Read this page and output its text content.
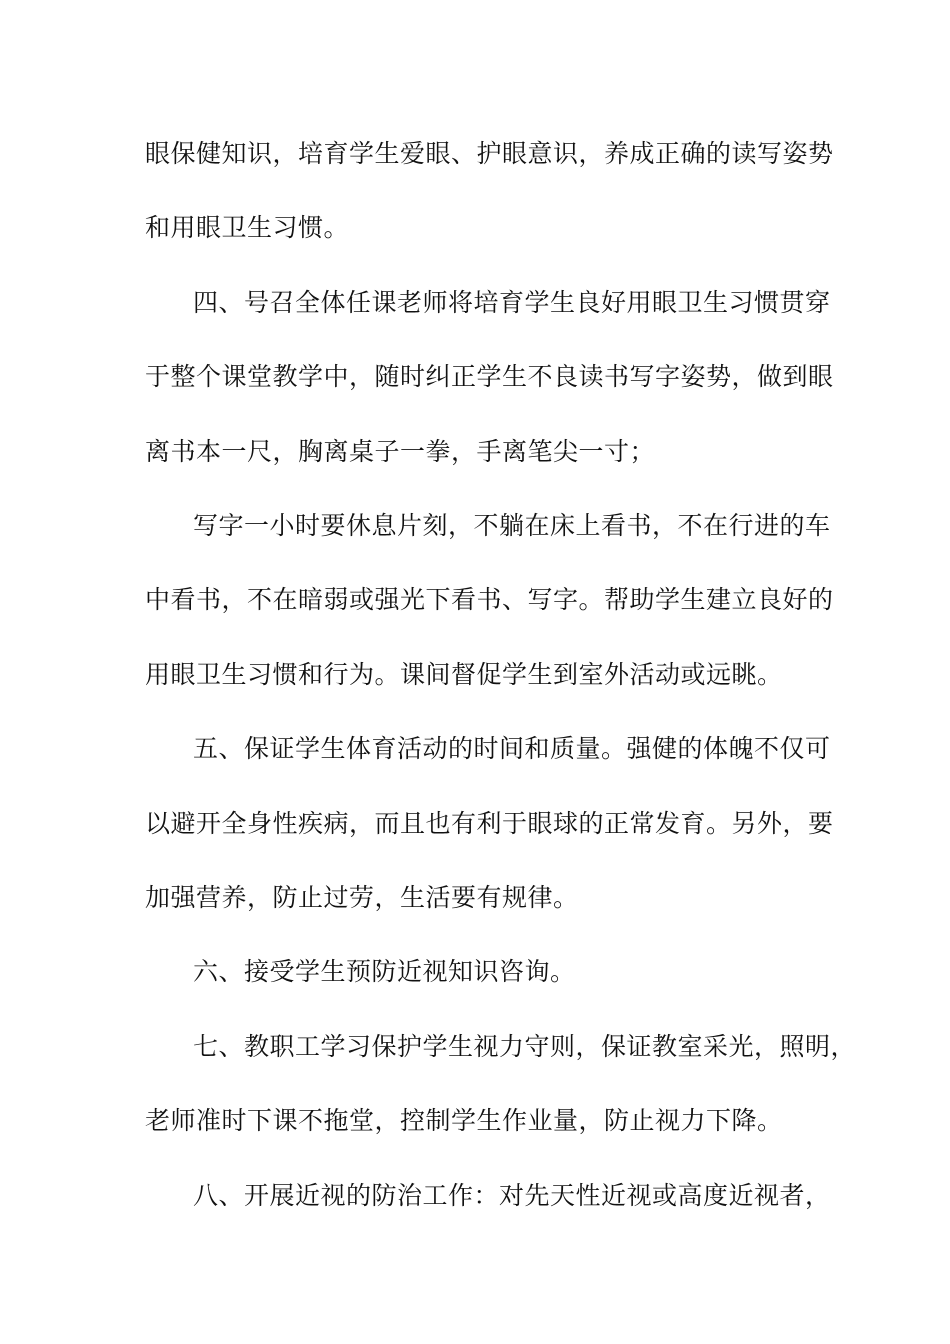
眼保健知识，培育学生爱眼、护眼意识，养成正确的读写姿势

和用眼卫生习惯。

四、号召全体任课老师将培育学生良好用眼卫生习惯贯穿

于整个课堂教学中，随时纠正学生不良读书写字姿势，做到眼

离书本一尺，胸离桌子一拳，手离笔尖一寸；

写字一小时要休息片刻，不躺在床上看书，不在行进的车

中看书，不在暗弱或强光下看书、写字。帮助学生建立良好的

用眼卫生习惯和行为。课间督促学生到室外活动或远眺。

五、保证学生体育活动的时间和质量。强健的体魄不仅可

以避开全身性疾病，而且也有利于眼球的正常发育。另外，要

加强营养，防止过劳，生活要有规律。

六、接受学生预防近视知识咨询。

七、教职工学习保护学生视力守则，保证教室采光，照明，

老师准时下课不拖堂，控制学生作业量，防止视力下降。

八、开展近视的防治工作：对先天性近视或高度近视者，
